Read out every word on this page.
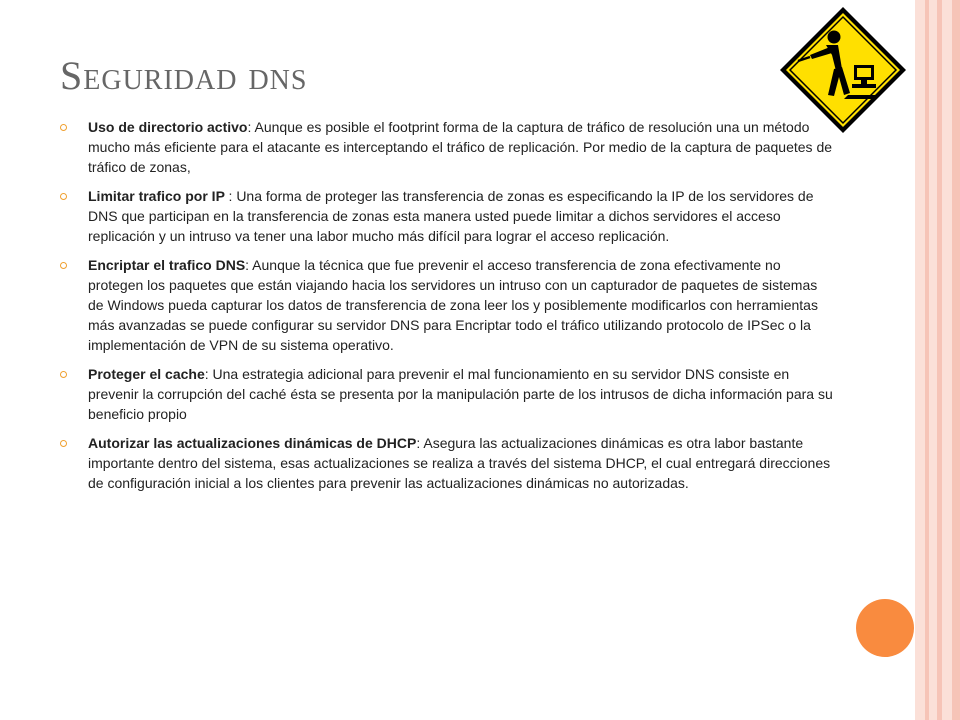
Seguridad dns
Uso de directorio activo: Aunque es posible el footprint forma de la captura de tráfico de resolución una un método mucho más eficiente para el atacante es interceptando el tráfico de replicación. Por medio de la captura de paquetes de tráfico de zonas,
Limitar trafico por IP : Una forma de proteger las transferencia de zonas es especificando la IP de los servidores de DNS que participan en la transferencia de zonas esta manera usted puede limitar a dichos servidores el acceso replicación y un intruso va tener una labor mucho más difícil para lograr el acceso replicación.
Encriptar el trafico DNS: Aunque la técnica que fue prevenir el acceso transferencia de zona efectivamente no protegen los paquetes que están viajando hacia los servidores un intruso con un capturador de paquetes de sistemas de Windows pueda capturar los datos de transferencia de zona leer los y posiblemente modificarlos con herramientas más avanzadas se puede configurar su servidor DNS para Encriptar todo el tráfico utilizando protocolo de IPSec o la implementación de VPN de su sistema operativo.
Proteger el cache: Una estrategia adicional para prevenir el mal funcionamiento en su servidor DNS consiste en prevenir la corrupción del caché ésta se presenta por la manipulación parte de los intrusos de dicha información para su beneficio propio
Autorizar las actualizaciones dinámicas de DHCP: Asegura las actualizaciones dinámicas es otra labor bastante importante dentro del sistema, esas actualizaciones se realiza a través del sistema DHCP, el cual entregará direcciones de configuración inicial a los clientes para prevenir las actualizaciones dinámicas no autorizadas.
